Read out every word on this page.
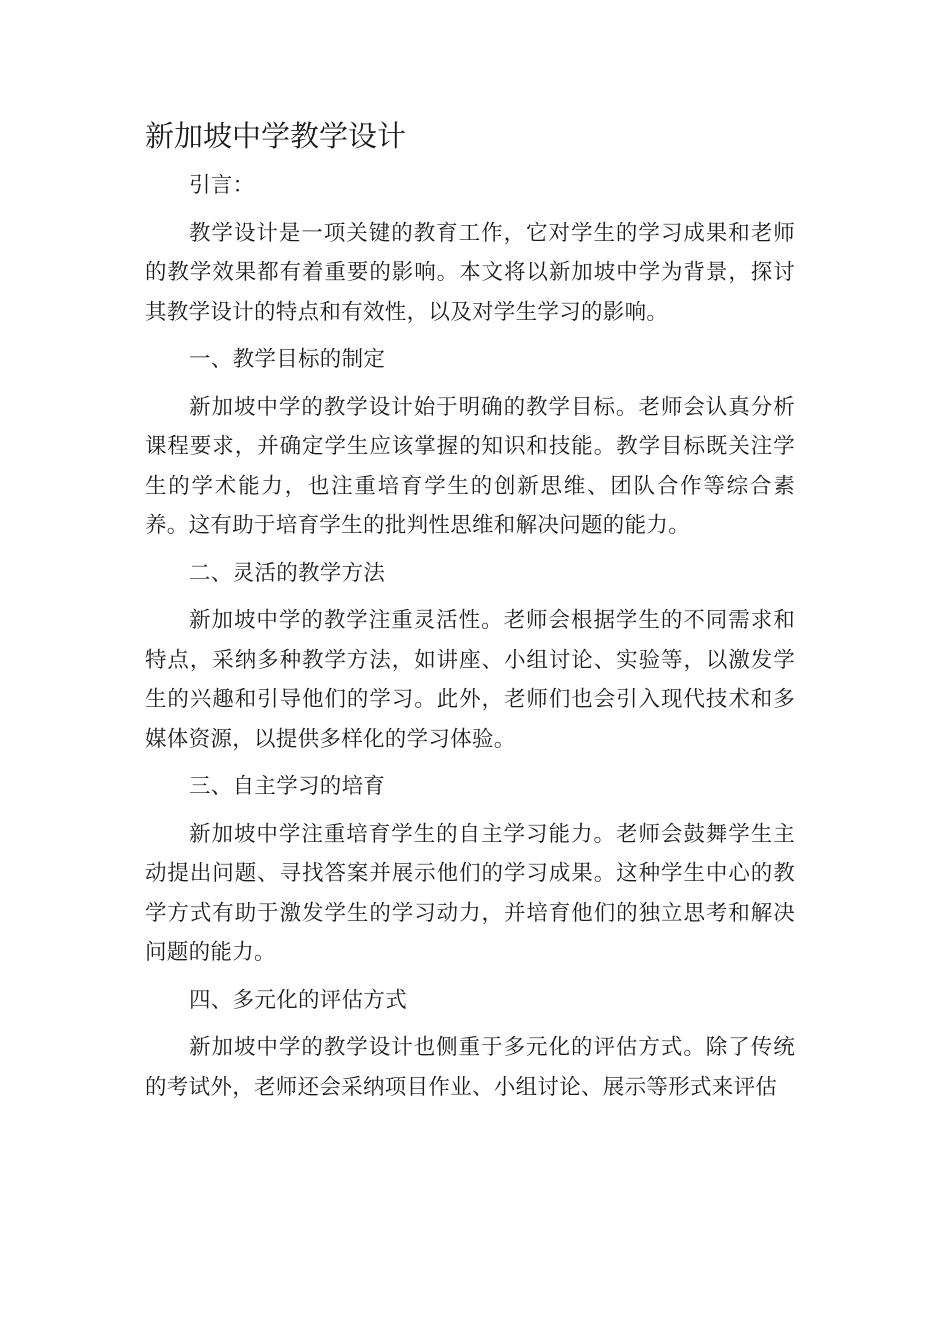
新加坡中学教学设计

引言：

教学设计是一项关键的教育工作，它对学生的学习成果和老师的教学效果都有着重要的影响。本文将以新加坡中学为背景，探讨其教学设计的特点和有效性，以及对学生学习的影响。

一、教学目标的制定

新加坡中学的教学设计始于明确的教学目标。老师会认真分析课程要求，并确定学生应该掌握的知识和技能。教学目标既关注学生的学术能力，也注重培育学生的创新思维、团队合作等综合素养。这有助于培育学生的批判性思维和解决问题的能力。

二、灵活的教学方法

新加坡中学的教学注重灵活性。老师会根据学生的不同需求和特点，采纳多种教学方法，如讲座、小组讨论、实验等，以激发学生的兴趣和引导他们的学习。此外，老师们也会引入现代技术和多媒体资源，以提供多样化的学习体验。

三、自主学习的培育

新加坡中学注重培育学生的自主学习能力。老师会鼓舞学生主动提出问题、寻找答案并展示他们的学习成果。这种学生中心的教学方式有助于激发学生的学习动力，并培育他们的独立思考和解决问题的能力。

四、多元化的评估方式

新加坡中学的教学设计也侧重于多元化的评估方式。除了传统的考试外，老师还会采纳项目作业、小组讨论、展示等形式来评估
